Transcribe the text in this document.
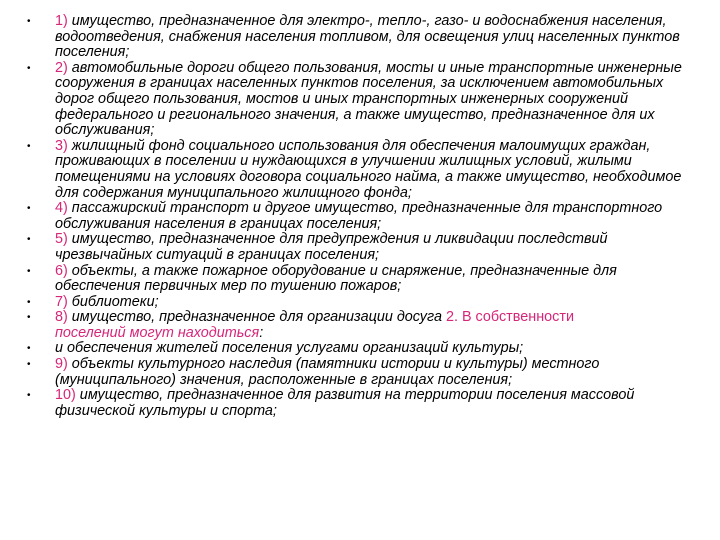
• 1) имущество, предназначенное для электро-, тепло-, газо- и водоснабжения населения, водоотведения, снабжения населения топливом, для освещения улиц населенных пунктов поселения;
• 2) автомобильные дороги общего пользования, мосты и иные транспортные инженерные сооружения в границах населенных пунктов поселения, за исключением автомобильных дорог общего пользования, мостов и иных транспортных инженерных сооружений федерального и регионального значения, а также имущество, предназначенное для их обслуживания;
• 3) жилищный фонд социального использования для обеспечения малоимущих граждан, проживающих в поселении и нуждающихся в улучшении жилищных условий, жилыми помещениями на условиях договора социального найма, а также имущество, необходимое для содержания муниципального жилищного фонда;
• 4) пассажирский транспорт и другое имущество, предназначенные для транспортного обслуживания населения в границах поселения;
• 5) имущество, предназначенное для предупреждения и ликвидации последствий чрезвычайных ситуаций в границах поселения;
• 6) объекты, а также пожарное оборудование и снаряжение, предназначенные для обеспечения первичных мер по тушению пожаров;
• 7) библиотеки;
• 8) имущество, предназначенное для организации досуга 2. В собственности
поселений могут находиться:
• и обеспечения жителей поселения услугами организаций культуры;
• 9) объекты культурного наследия (памятники истории и культуры) местного (муниципального) значения, расположенные в границах поселения;
• 10) имущество, предназначенное для развития на территории поселения массовой физической культуры и спорта;
